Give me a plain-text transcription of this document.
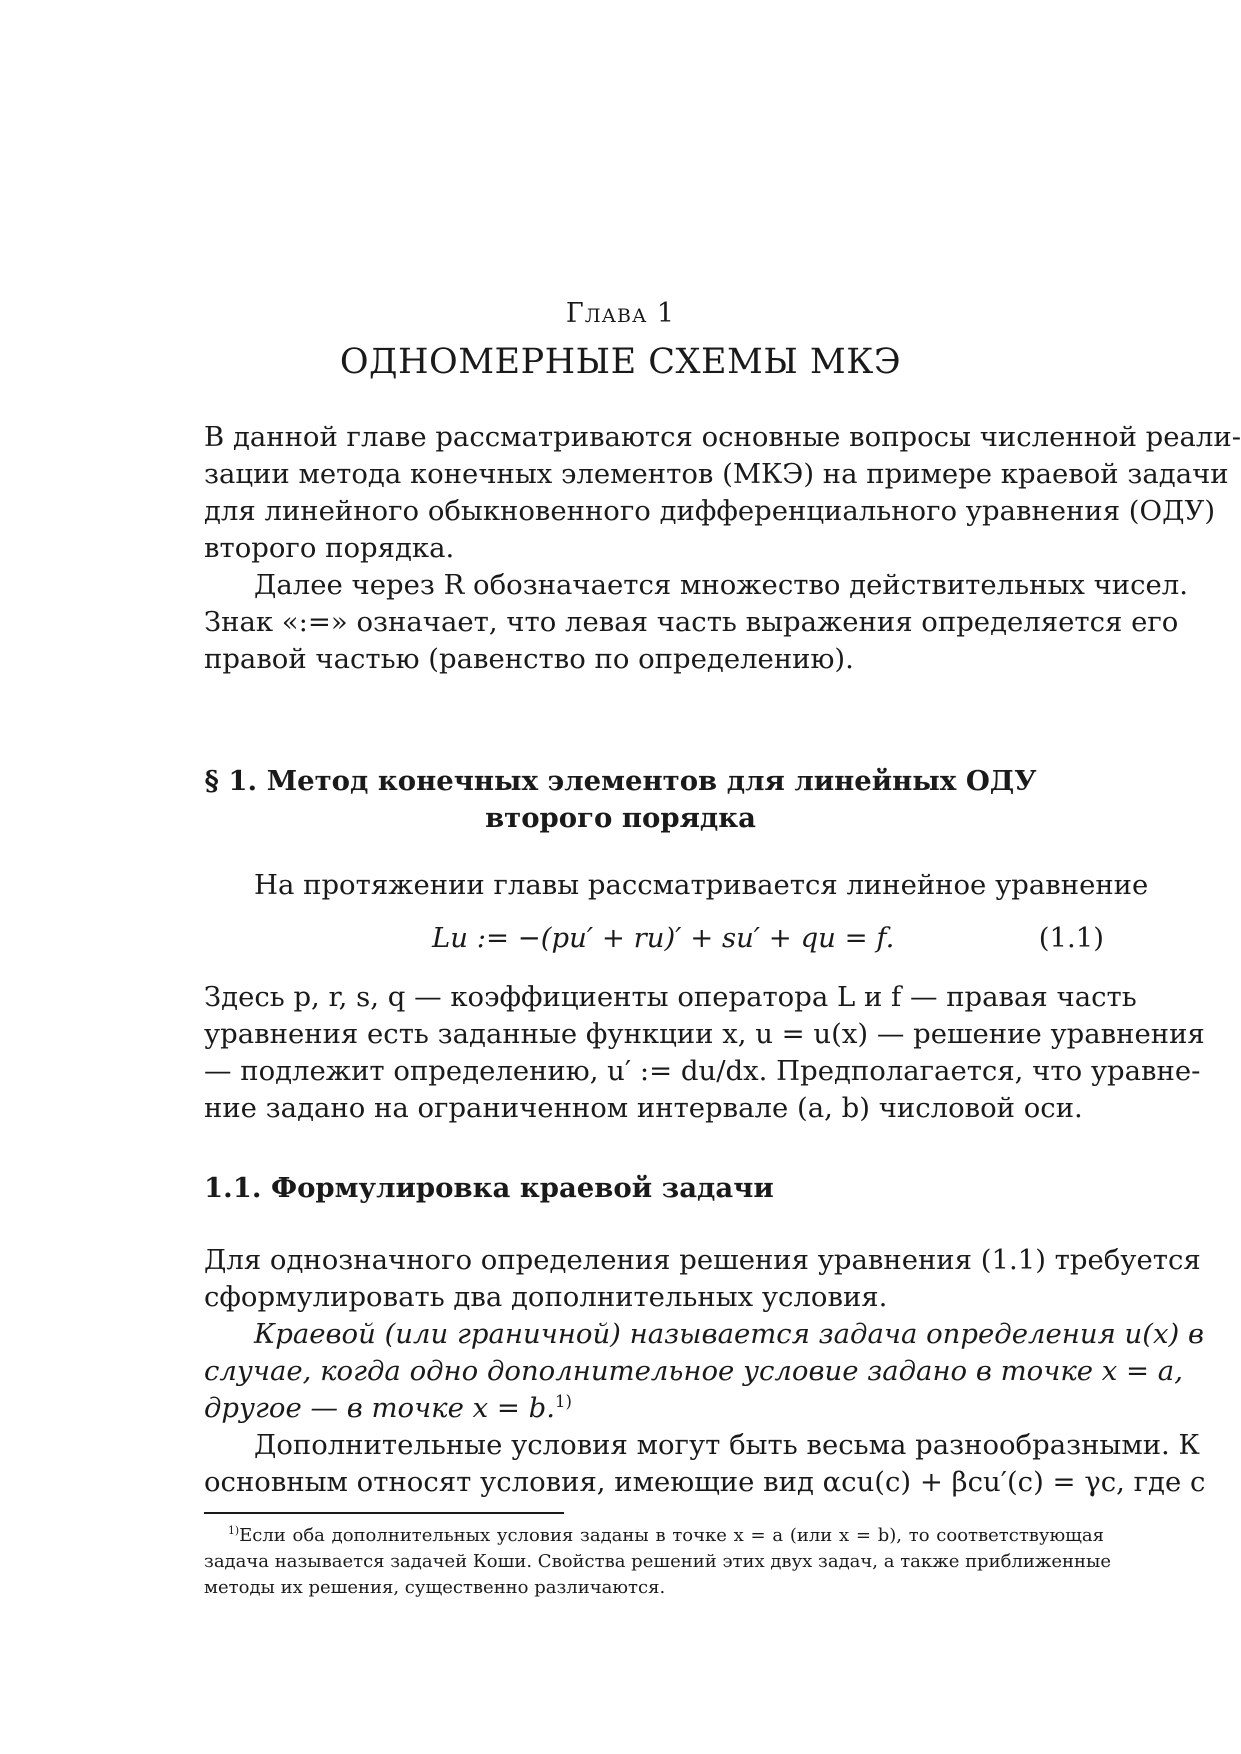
Глава 1
ОДНОМЕРНЫЕ СХЕМЫ МКЭ

В данной главе рассматриваются основные вопросы численной реали-
зации метода конечных элементов (МКЭ) на примере краевой задачи
для линейного обыкновенного дифференциального уравнения (ОДУ)
второго порядка.

Далее через R обозначается множество действительных чисел.
Знак «:=» означает, что левая часть выражения определяется его
правой частью (равенство по определению).

§ 1. Метод конечных элементов для линейных ОДУ
второго порядка

На протяжении главы рассматривается линейное уравнение

Lu := −(pu′ + ru)′ + su′ + qu = f.	(1.1)

Здесь p, r, s, q — коэффициенты оператора L и f — правая часть
уравнения есть заданные функции x, u = u(x) — решение уравнения
— подлежит определению, u′ := du/dx. Предполагается, что уравне-
ние задано на ограниченном интервале (a, b) числовой оси.

1.1. Формулировка краевой задачи

Для однозначного определения решения уравнения (1.1) требуется
сформулировать два дополнительных условия.

Краевой (или граничной) называется задача определения u(x) в
случае, когда одно дополнительное условие задано в точке x = a,
другое — в точке x = b.$^{1)}$

Дополнительные условия могут быть весьма разнообразными. К
основным относят условия, имеющие вид αcu(c) + βcu′(c) = γc, где c

$^{1)}$Если оба дополнительных условия заданы в точке x = a (или x = b), то соответствующая
задача называется задачей Коши. Свойства решений этих двух задач, а также приближенные
методы их решения, существенно различаются.
